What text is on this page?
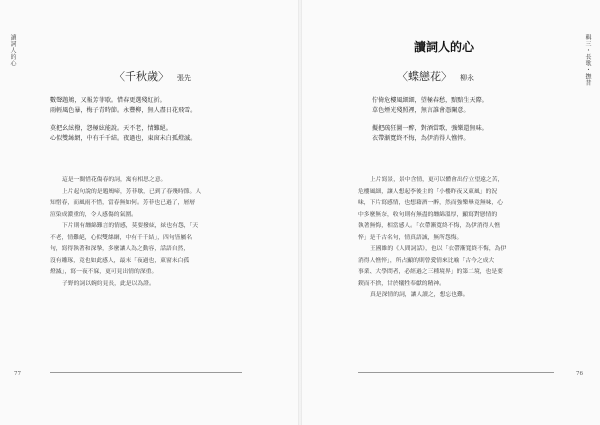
讀詞人的心
〈千秋歲〉 張先
數聲鶗鴂，又報芳菲歇。惜春更選殘紅折。
雨輕風色暴，梅子青時節。永豐柳，無人盡日花飛雪。
莫把幺絃撥，怨極絃能說。天不老，情難絕。
心似雙絲網，中有千千結。夜過也，東窗未白孤燈滅。
這是一闋惜花傷春的詞，寓有相思之意。
上片起句說的是鶗鴂啼，芳菲歇，已到了春殘時節。人
知惜春，而風雨不惜，當春無如何。芳菲也已過了，層層
渲染成濃重的，令人感傷的氣圍。
下片則有纏綿難言的情感，莫要撥絃，絃也有怨，「天
不老，情難絕，心似雙絲網，中有千千結」，四句皆屬名
句，寫得執著和深摯，多麼讓人為之動容，話語自然，
沒有雕琢，竟也如此感人，最末「夜過也，東窗未白孤
燈滅」，寫一夜不寐，更可見出情的深重。
子野的詞以婉約見長，此是以為證。
77
輯三・長歌・撫昔
讀詞人的心
〈蝶戀花〉 柳永
佇倚危樓風細細，望極春愁，黯黯生天際。
草色煙光殘照裡，無言誰會憑闌意。
擬把疏狂圖一醉，對酒當歌，強樂還無味。
衣帶漸寬終不悔，為伊消得人憔悴。
上片寫景，景中含情，更可以體會出佇立望遠之苦，
危樓風細，讓人想起李後主的「小樓昨夜又東風」的況
味，下片寫感情，也想藉酒一醉，然而強樂畢竟無味，心
中多麼無奈，收句則有無盡的纏綿溫厚，顯寫對戀情的
執著無悔，相當感人。「衣帶漸寬終不悔，為伊消得人憔
悴」是千古名句，情真語誠，無所怨悔。
王國維的《人間詞話》，也以「衣帶漸寬終不悔，為伊
消得人憔悴」，所占顯的則曾愛情來比喻「古今之成大
事業、大學問者，必經過之三種境界」的第二境，也是要
鍥而不捨，甘於犧牲奉獻的精神。
真是深情的詞，讓人讀之，想忘也難。
76
